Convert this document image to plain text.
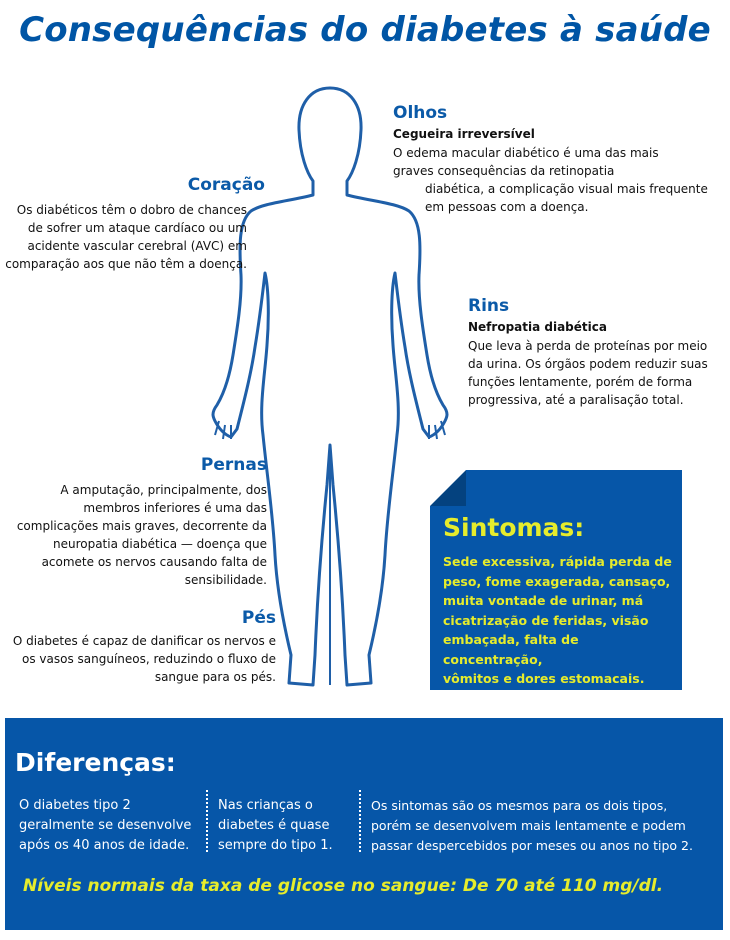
Consequências do diabetes à saúde
Olhos
Cegueira irreversível

O edema macular diabético é uma das mais
graves consequências da retinopatia
diabética, a complicação visual mais frequente
em pessoas com a doença.

Coração

Os diabéticos têm o dobro de chances
de sofrer um ataque cardíaco ou um
acidente vascular cerebral (AVC) em
comparação aos que não têm a doença.

Rins
Nefropatia diabética

Que leva à perda de proteínas por meio
da urina. Os órgãos podem reduzir suas
funções lentamente, porém de forma
progressiva, até a paralisação total.

Pernas

A amputação, principalmente, dos
membros inferiores é uma das
complicações mais graves, decorrente da
neuropatia diabética — doença que
acomete os nervos causando falta de
sensibilidade.

Pés

O diabetes é capaz de danificar os nervos e
os vasos sanguíneos, reduzindo o fluxo de
sangue para os pés.

Sintomas:

Sede excessiva, rápida perda de
peso, fome exagerada, cansaço,
muita vontade de urinar, má
cicatrização de feridas, visão
embaçada, falta de concentração,
vômitos e dores estomacais.

Diferenças:

O diabetes tipo 2
geralmente se desenvolve
após os 40 anos de idade.

Nas crianças o
diabetes é quase
sempre do tipo 1.

Os sintomas são os mesmos para os dois tipos,
porém se desenvolvem mais lentamente e podem
passar despercebidos por meses ou anos no tipo 2.

Níveis normais da taxa de glicose no sangue: De 70 até 110 mg/dl.
